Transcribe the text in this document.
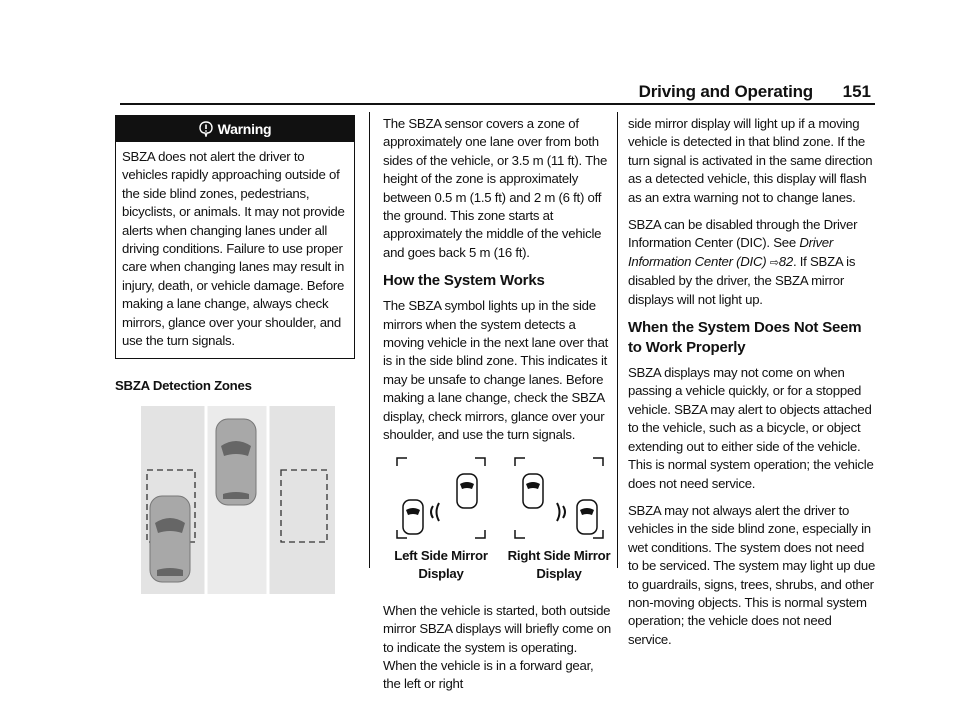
Driving and Operating 151
Warning
SBZA does not alert the driver to vehicles rapidly approaching outside of the side blind zones, pedestrians, bicyclists, or animals. It may not provide alerts when changing lanes under all driving conditions. Failure to use proper care when changing lanes may result in injury, death, or vehicle damage. Before making a lane change, always check mirrors, glance over your shoulder, and use the turn signals.
SBZA Detection Zones

The SBZA sensor covers a zone of approximately one lane over from both sides of the vehicle, or 3.5 m (11 ft). The height of the zone is approximately between 0.5 m (1.5 ft) and 2 m (6 ft) off the ground. This zone starts at approximately the middle of the vehicle and goes back 5 m (16 ft).

How the System Works

The SBZA symbol lights up in the side mirrors when the system detects a moving vehicle in the next lane over that is in the side blind zone. This indicates it may be unsafe to change lanes. Before making a lane change, check the SBZA display, check mirrors, glance over your shoulder, and use the turn signals.

Left Side Mirror
Display
Right Side Mirror
Display

When the vehicle is started, both outside mirror SBZA displays will briefly come on to indicate the system is operating. When the vehicle is in a forward gear, the left or right

side mirror display will light up if a moving vehicle is detected in that blind zone. If the turn signal is activated in the same direction as a detected vehicle, this display will flash as an extra warning not to change lanes.

SBZA can be disabled through the Driver Information Center (DIC). See Driver Information Center (DIC) ⇨82. If SBZA is disabled by the driver, the SBZA mirror displays will not light up.

When the System Does Not Seem to Work Properly

SBZA displays may not come on when passing a vehicle quickly, or for a stopped vehicle. SBZA may alert to objects attached to the vehicle, such as a bicycle, or object extending out to either side of the vehicle. This is normal system operation; the vehicle does not need service.

SBZA may not always alert the driver to vehicles in the side blind zone, especially in wet conditions. The system does not need to be serviced. The system may light up due to guardrails, signs, trees, shrubs, and other non-moving objects. This is normal system operation; the vehicle does not need service.
